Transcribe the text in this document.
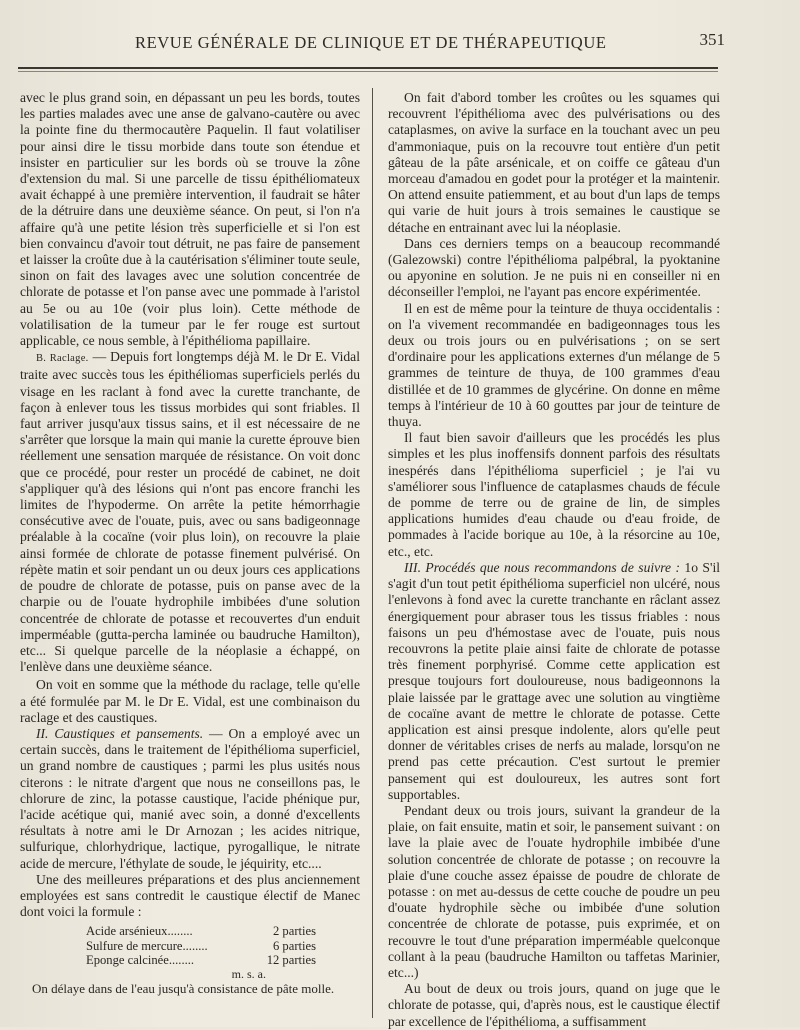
REVUE GÉNÉRALE DE CLINIQUE ET DE THÉRAPEUTIQUE	351

avec le plus grand soin, en dépassant un peu les bords, toutes les parties malades avec une anse de galvano-cautère ou avec la pointe fine du thermocautère Paquelin. Il faut volatiliser pour ainsi dire le tissu morbide dans toute son étendue et insister en particulier sur les bords où se trouve la zône d'extension du mal. Si une parcelle de tissu épithéliomateux avait échappé à une première intervention, il faudrait se hâter de la détruire dans une deuxième séance. On peut, si l'on n'a affaire qu'à une petite lésion très superficielle et si l'on est bien convaincu d'avoir tout détruit, ne pas faire de pansement et laisser la croûte due à la cautérisation s'éliminer toute seule, sinon on fait des lavages avec une solution concentrée de chlorate de potasse et l'on panse avec une pommade à l'aristol au 5e ou au 10e (voir plus loin). Cette méthode de volatilisation de la tumeur par le fer rouge est surtout applicable, ce nous semble, à l'épithélioma papillaire.

B. Raclage. — Depuis fort longtemps déjà M. le Dr E. Vidal traite avec succès tous les épithéliomas superficiels perlés du visage en les raclant à fond avec la curette tranchante, de façon à enlever tous les tissus morbides qui sont friables. Il faut arriver jusqu'aux tissus sains, et il est nécessaire de ne s'arrêter que lorsque la main qui manie la curette éprouve bien réellement une sensation marquée de résistance. On voit donc que ce procédé, pour rester un procédé de cabinet, ne doit s'appliquer qu'à des lésions qui n'ont pas encore franchi les limites de l'hypoderme. On arrête la petite hémorrhagie consécutive avec de l'ouate, puis, avec ou sans badigeonnage préalable à la cocaïne (voir plus loin), on recouvre la plaie ainsi formée de chlorate de potasse finement pulvérisé. On répète matin et soir pendant un ou deux jours ces applications de poudre de chlorate de potasse, puis on panse avec de la charpie ou de l'ouate hydrophile imbibées d'une solution concentrée de chlorate de potasse et recouvertes d'un enduit imperméable (gutta-percha laminée ou baudruche Hamilton), etc... Si quelque parcelle de la néoplasie a échappé, on l'enlève dans une deuxième séance.

On voit en somme que la méthode du raclage, telle qu'elle a été formulée par M. le Dr E. Vidal, est une combinaison du raclage et des caustiques.

II. Caustiques et pansements. — On a employé avec un certain succès, dans le traitement de l'épithélioma superficiel, un grand nombre de caustiques ; parmi les plus usités nous citerons : le nitrate d'argent que nous ne conseillons pas, le chlorure de zinc, la potasse caustique, l'acide phénique pur, l'acide acétique qui, manié avec soin, a donné d'excellents résultats à notre ami le Dr Arnozan ; les acides nitrique, sulfurique, chlorhydrique, lactique, pyrogallique, le nitrate acide de mercure, l'éthylate de soude, le jéquirity, etc....

Une des meilleures préparations et des plus anciennement employées est sans contredit le caustique électif de Manec dont voici la formule :

Acide arsénieux........	2 parties
Sulfure de mercure........	6 parties
Eponge calcinée........	12 parties
m. s. a.

On délaye dans de l'eau jusqu'à consistance de pâte molle.

On fait d'abord tomber les croûtes ou les squames qui recouvrent l'épithélioma avec des pulvérisations ou des cataplasmes, on avive la surface en la touchant avec un peu d'ammoniaque, puis on la recouvre tout entière d'un petit gâteau de la pâte arsénicale, et on coiffe ce gâteau d'un morceau d'amadou en godet pour la protéger et la maintenir. On attend ensuite patiemment, et au bout d'un laps de temps qui varie de huit jours à trois semaines le caustique se détache en entrainant avec lui la néoplasie.

Dans ces derniers temps on a beaucoup recommandé (Galezowski) contre l'épithélioma palpébral, la pyoktanine ou apyonine en solution. Je ne puis ni en conseiller ni en déconseiller l'emploi, ne l'ayant pas encore expérimentée.

Il en est de même pour la teinture de thuya occidentalis : on l'a vivement recommandée en badigeonnages tous les deux ou trois jours ou en pulvérisations ; on se sert d'ordinaire pour les applications externes d'un mélange de 5 grammes de teinture de thuya, de 100 grammes d'eau distillée et de 10 grammes de glycérine. On donne en même temps à l'intérieur de 10 à 60 gouttes par jour de teinture de thuya.

Il faut bien savoir d'ailleurs que les procédés les plus simples et les plus inoffensifs donnent parfois des résultats inespérés dans l'épithélioma superficiel ; je l'ai vu s'améliorer sous l'influence de cataplasmes chauds de fécule de pomme de terre ou de graine de lin, de simples applications humides d'eau chaude ou d'eau froide, de pommades à l'acide borique au 10e, à la résorcine au 10e, etc., etc.

III. Procédés que nous recommandons de suivre : 1o S'il s'agit d'un tout petit épithélioma superficiel non ulcéré, nous l'enlevons à fond avec la curette tranchante en râclant assez énergiquement pour abraser tous les tissus friables : nous faisons un peu d'hémostase avec de l'ouate, puis nous recouvrons la petite plaie ainsi faite de chlorate de potasse très finement porphyrisé. Comme cette application est presque toujours fort douloureuse, nous badigeonnons la plaie laissée par le grattage avec une solution au vingtième de cocaïne avant de mettre le chlorate de potasse. Cette application est ainsi presque indolente, alors qu'elle peut donner de véritables crises de nerfs au malade, lorsqu'on ne prend pas cette précaution. C'est surtout le premier pansement qui est douloureux, les autres sont fort supportables.

Pendant deux ou trois jours, suivant la grandeur de la plaie, on fait ensuite, matin et soir, le pansement suivant : on lave la plaie avec de l'ouate hydrophile imbibée d'une solution concentrée de chlorate de potasse ; on recouvre la plaie d'une couche assez épaisse de poudre de chlorate de potasse : on met au-dessus de cette couche de poudre un peu d'ouate hydrophile sèche ou imbibée d'une solution concentrée de chlorate de potasse, puis exprimée, et on recouvre le tout d'une préparation imperméable quelconque collant à la peau (baudruche Hamilton ou taffetas Marinier, etc...)

Au bout de deux ou trois jours, quand on juge que le chlorate de potasse, qui, d'après nous, est le caustique électif par excellence de l'épithélioma, a suffisamment
